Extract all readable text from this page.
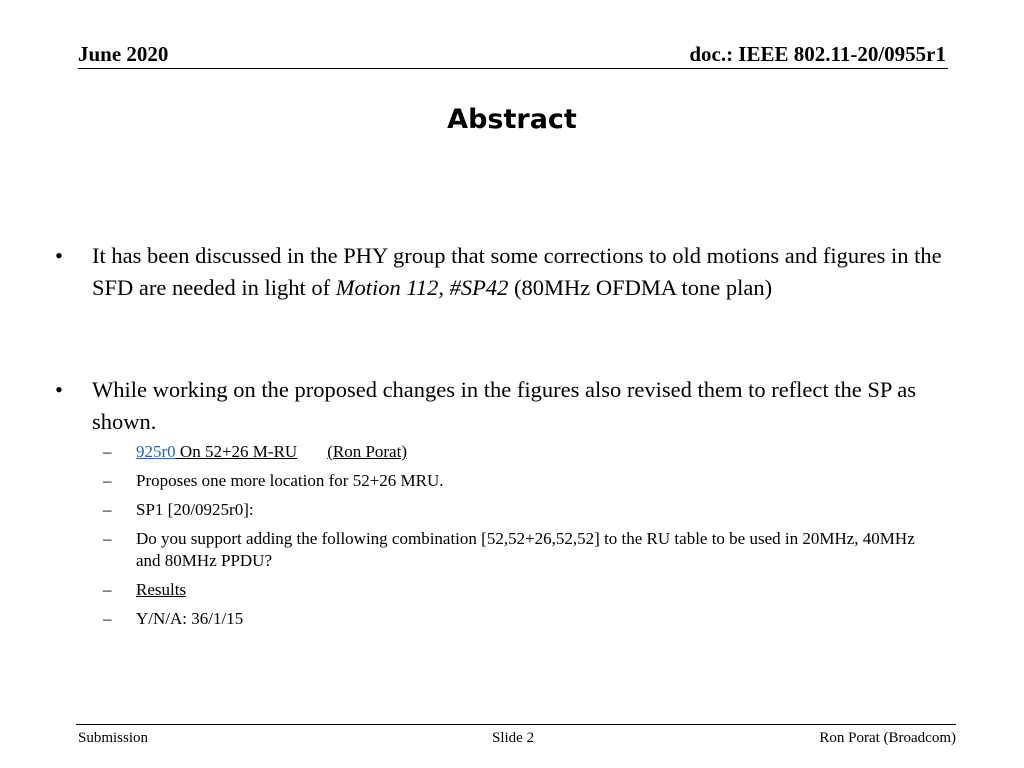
June 2020	doc.: IEEE 802.11-20/0955r1
Abstract
•	It has been discussed in the PHY group that some corrections to old motions and figures in the SFD are needed in light of Motion 112, #SP42 (80MHz OFDMA tone plan)
•	While working on the proposed changes in the figures also revised them to reflect the SP as shown.
– 925r0 On 52+26 M-RU (Ron Porat)
– Proposes one more location for 52+26 MRU.
– SP1 [20/0925r0]:
– Do you support adding the following combination [52,52+26,52,52] to the RU table to be used in 20MHz, 40MHz and 80MHz PPDU?
– Results
– Y/N/A: 36/1/15
Submission	Slide 2	Ron Porat (Broadcom)
